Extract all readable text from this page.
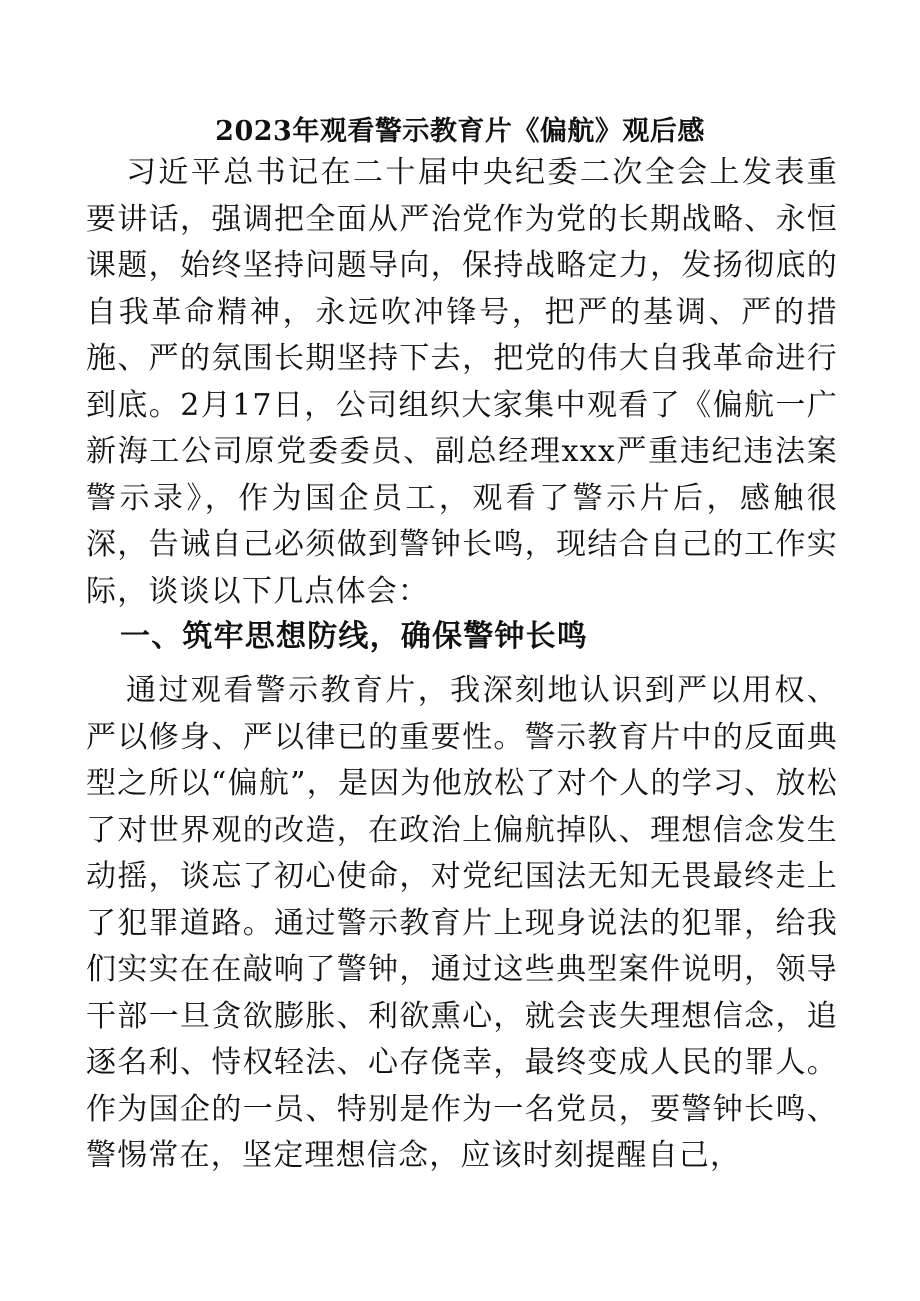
2023年观看警示教育片《偏航》观后感
习近平总书记在二十届中央纪委二次全会上发表重要讲话，强调把全面从严治党作为党的长期战略、永恒课题，始终坚持问题导向，保持战略定力，发扬彻底的自我革命精神，永远吹冲锋号，把严的基调、严的措施、严的氛围长期坚持下去，把党的伟大自我革命进行到底。2月17日，公司组织大家集中观看了《偏航一广新海工公司原党委委员、副总经理xxx严重违纪违法案警示录》，作为国企员工，观看了警示片后，感触很深，告诫自己必须做到警钟长鸣，现结合自己的工作实际，谈谈以下几点体会：
一、筑牢思想防线，确保警钟长鸣
通过观看警示教育片，我深刻地认识到严以用权、严以修身、严以律已的重要性。警示教育片中的反面典型之所以“偏航”，是因为他放松了对个人的学习、放松了对世界观的改造，在政治上偏航掉队、理想信念发生动摇，谈忘了初心使命，对党纪国法无知无畏最终走上了犯罪道路。通过警示教育片上现身说法的犯罪，给我们实实在在敲响了警钟，通过这些典型案件说明，领导干部一旦贪欲膨胀、利欲熏心，就会丧失理想信念，追逐名利、恃权轻法、心存侥幸，最终变成人民的罪人。作为国企的一员、特别是作为一名党员，要警钟长鸣、警惕常在，坚定理想信念，应该时刻提醒自己，
